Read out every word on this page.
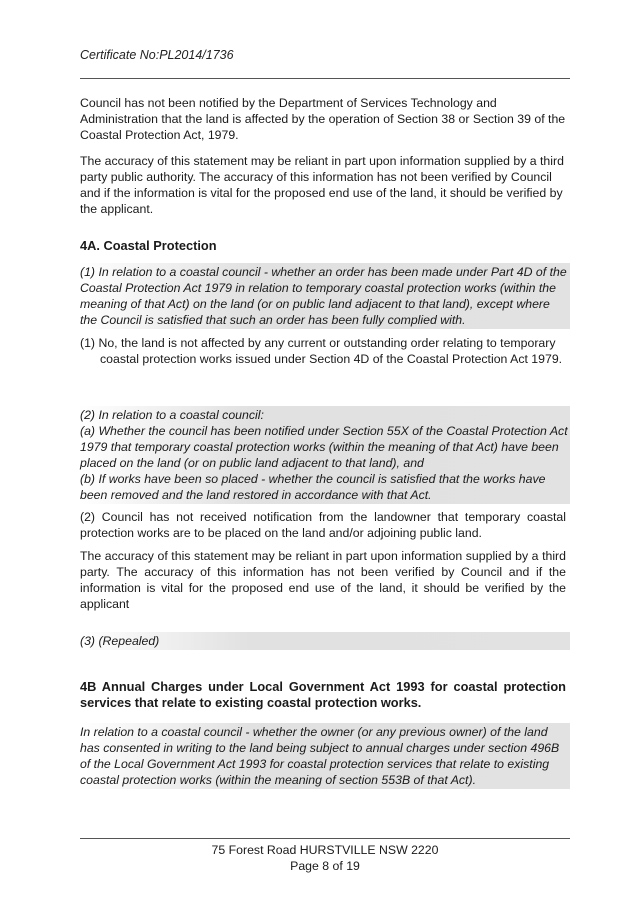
Certificate No:PL2014/1736
Council has not been notified by the Department of Services Technology and Administration that the land is affected by the operation of Section 38 or Section 39 of the Coastal Protection Act, 1979.
The accuracy of this statement may be reliant in part upon information supplied by a third party public authority. The accuracy of this information has not been verified by Council and if the information is vital for the proposed end use of the land, it should be verified by the applicant.
4A. Coastal Protection
(1) In relation to a coastal council - whether an order has been made under Part 4D of the Coastal Protection Act 1979 in relation to temporary coastal protection works (within the meaning of that Act) on the land (or on public land adjacent to that land), except where the Council is satisfied that such an order has been fully complied with.
(1) No, the land is not affected by any current or outstanding order relating to temporary coastal protection works issued under Section 4D of the Coastal Protection Act 1979.
(2) In relation to a coastal council:
(a) Whether the council has been notified under Section 55X of the Coastal Protection Act 1979 that temporary coastal protection works (within the meaning of that Act) have been placed on the land (or on public land adjacent to that land), and
(b) If works have been so placed - whether the council is satisfied that the works have been removed and the land restored in accordance with that Act.
(2) Council has not received notification from the landowner that temporary coastal protection works are to be placed on the land and/or adjoining public land.
The accuracy of this statement may be reliant in part upon information supplied by a third party. The accuracy of this information has not been verified by Council and if the information is vital for the proposed end use of the land, it should be verified by the applicant
(3) (Repealed)
4B Annual Charges under Local Government Act 1993 for coastal protection services that relate to existing coastal protection works.
In relation to a coastal council - whether the owner (or any previous owner) of the land has consented in writing to the land being subject to annual charges under section 496B of the Local Government Act 1993 for coastal protection services that relate to existing coastal protection works (within the meaning of section 553B of that Act).
75 Forest Road HURSTVILLE NSW 2220
Page 8 of 19
